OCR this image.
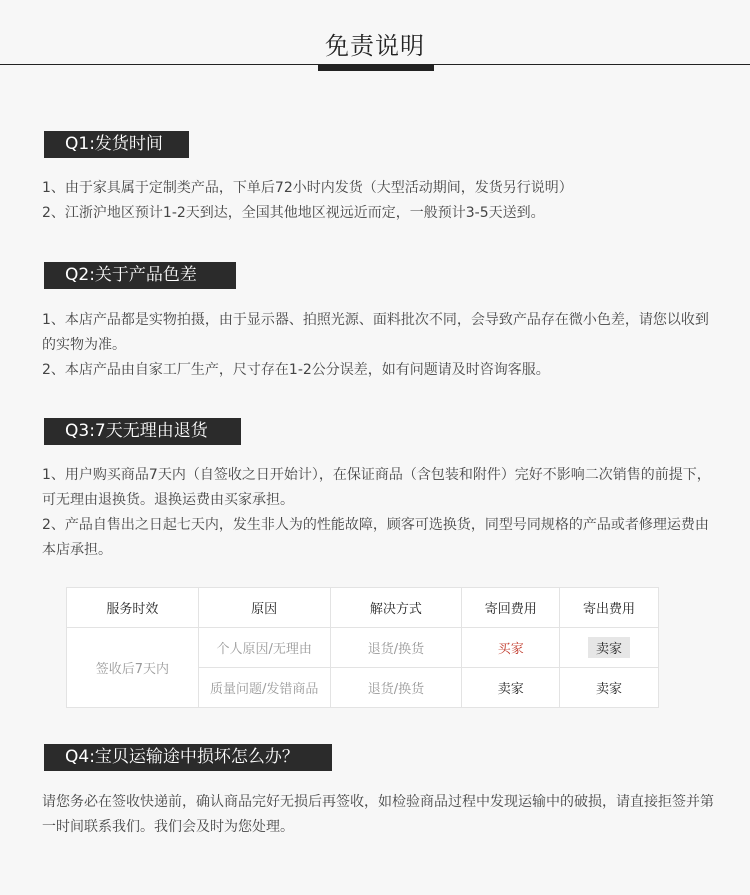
免责说明
Q1:发货时间

1、由于家具属于定制类产品，下单后72小时内发货（大型活动期间，发货另行说明）

2、江浙沪地区预计1-2天到达，全国其他地区视远近而定，一般预计3-5天送到。

Q2:关于产品色差

1、本店产品都是实物拍摄，由于显示器、拍照光源、面料批次不同，会导致产品存在微小色差，请您以收到的实物为准。

2、本店产品由自家工厂生产，尺寸存在1-2公分误差，如有问题请及时咨询客服。

Q3:7天无理由退货

1、用户购买商品7天内（自签收之日开始计），在保证商品（含包装和附件）完好不影响二次销售的前提下，可无理由退换货。退换运费由买家承担。

2、产品自售出之日起七天内，发生非人为的性能故障，顾客可选换货，同型号同规格的产品或者修理运费由本店承担。

服务时效	原因	解决方式	寄回费用	寄出费用
签收后7天内	个人原因/无理由	退货/换货	买家	卖家
	质量问题/发错商品	退货/换货	卖家	卖家
Q4:宝贝运输途中损坏怎么办？

请您务必在签收快递前，确认商品完好无损后再签收，如检验商品过程中发现运输中的破损，请直接拒签并第一时间联系我们。我们会及时为您处理。
